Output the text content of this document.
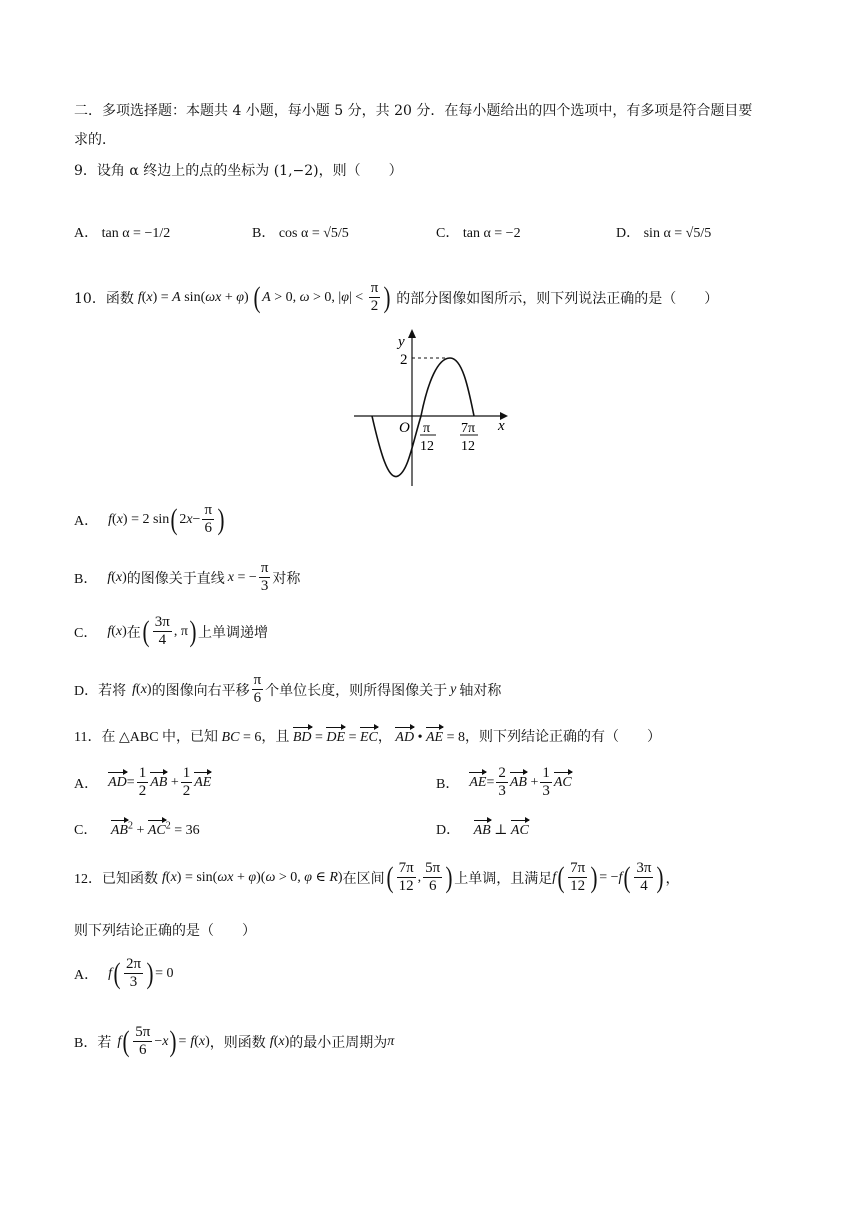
二．多项选择题：本题共 4 小题，每小题 5 分，共 20 分．在每小题给出的四个选项中，有多项是符合题目要
求的．
9．设角 α 终边上的点的坐标为 (1,−2)，则（　　）
A． tan α = −1/2	B． cos α = √5/5	C． tan α = −2	D． sin α = √5/5
10．函数 f(x) = A sin(ωx + φ) ( A > 0, ω > 0, $|\varphi| < \frac{\pi}{2}$ ) 的部分图像如图所示，则下列说法正确的是（　　）
y
x
O
2
π
12
7π
12
A． f ( x ) = 2 sin ( 2 $x - \frac{\pi}{6}$ )
B． f ( x ) 的图像关于直线 x = − $\frac{\pi}{3}$ 对称
C． f ( x ) 在 ( $\frac{3\pi}{4}$ , π ) 上单调递增
D．若将 f ( x ) 的图像向右平移 $\frac{\pi}{6}$ 个单位长度，则所得图像关于 y 轴对称
11．在 △ABC 中，已知 BC = 6，且 BD = DE = EC， AD • AE = 8，则下列结论正确的有（　　）
A． AD = $\frac{1}{2}$ AB + $\frac{1}{2}$ AE	B． AE = $\frac{2}{3}$ AB + $\frac{1}{3}$ AC
C． $AB^2 + AC^2 = 36$	D． AB ⊥ AC
12．已知函数 f(x) = sin(ωx + φ)(ω > 0, φ ∈ R) 在区间 ( $\frac{7\pi}{12}$ , $\frac{5\pi}{6}$ ) 上单调，且满足 f ( $\frac{7\pi}{12}$ ) = − f ( $\frac{3\pi}{4}$ ) ，
则下列结论正确的是（　　）
A． f ( $\frac{2\pi}{3}$ ) = 0
B．若 f ( $\frac{5\pi}{6} - x$ ) = f ( x ) ，则函数 f(x) 的最小正周期为 π
